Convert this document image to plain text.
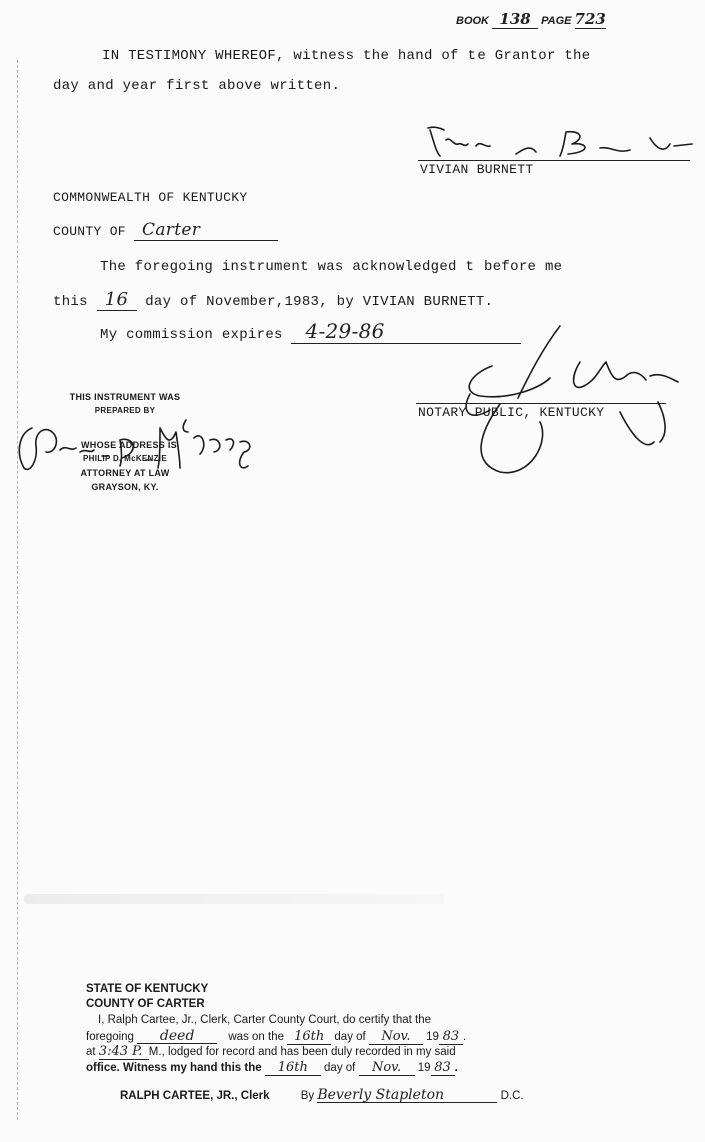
BOOK 138 PAGE 723
IN TESTIMONY WHEREOF, witness the hand of t e Grantor the
day and year first above written.
VIVIAN BURNETT
COMMONWEALTH OF KENTUCKY
COUNTY OF Carter
The foregoing instrument was acknowledged t  before me
this 16 day of November,1983, by VIVIAN BURNETT.
My commission expires 4-29-86
NOTARY PUBLIC, KENTUCKY
THIS INSTRUMENT WAS
PREPARED BY
WHOSE ADDRESS IS
PHILIP D. McKENZIE
ATTORNEY AT LAW
GRAYSON, KY.
STATE OF KENTUCKY
COUNTY OF CARTER
I, Ralph Cartee, Jr., Clerk, Carter County Court, do certify that the
foregoing deed	was on the 16th day of Nov. 19 83 .
at 3:43 P. M., lodged for record and has been duly recorded in my said
office. Witness my hand this the 16th day of Nov. 19 83 .
RALPH CARTEE, JR., Clerk	By Beverly Stapleton	D.C.
